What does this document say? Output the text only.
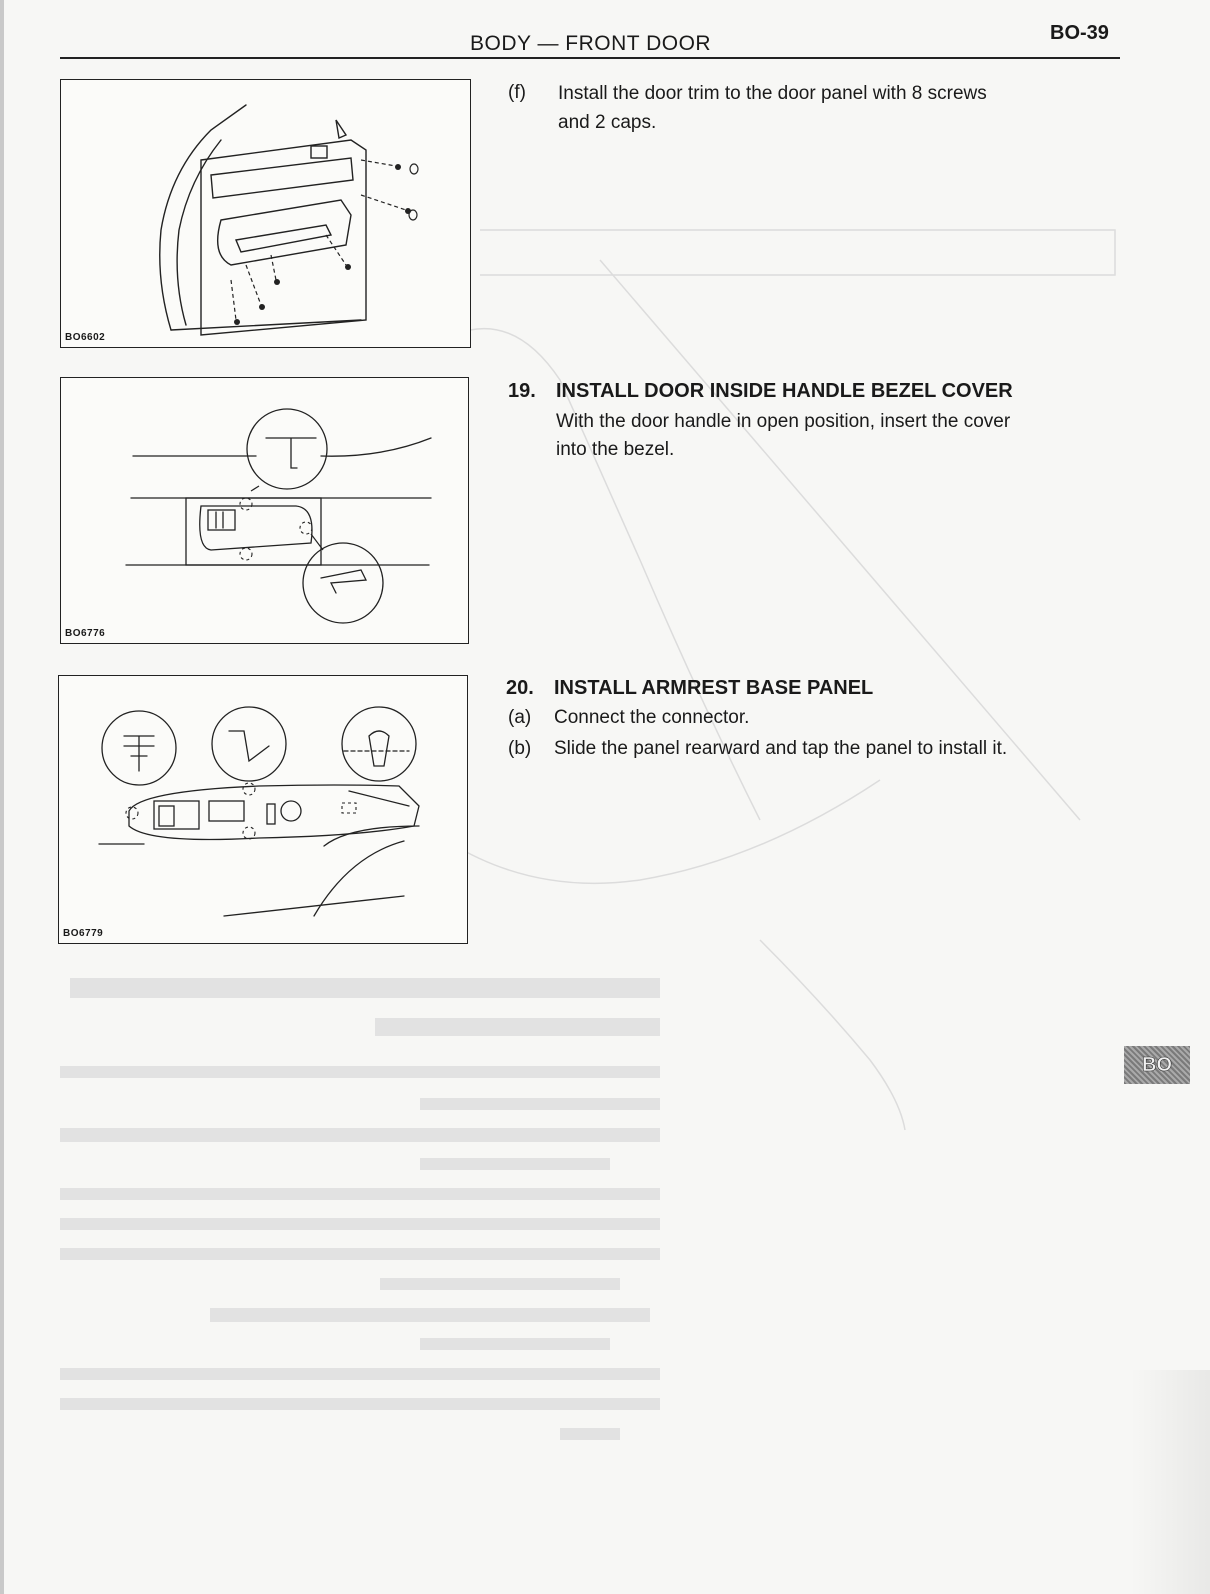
BODY — FRONT DOOR	BO-39
BO6602
(f) Install the door trim to the door panel with 8 screws
and 2 caps.
BO6776
19. INSTALL DOOR INSIDE HANDLE BEZEL COVER
With the door handle in open position, insert the cover
into the bezel.
BO6779
20. INSTALL ARMREST BASE PANEL
(a) Connect the connector.
(b) Slide the panel rearward and tap the panel to install it.
BO
